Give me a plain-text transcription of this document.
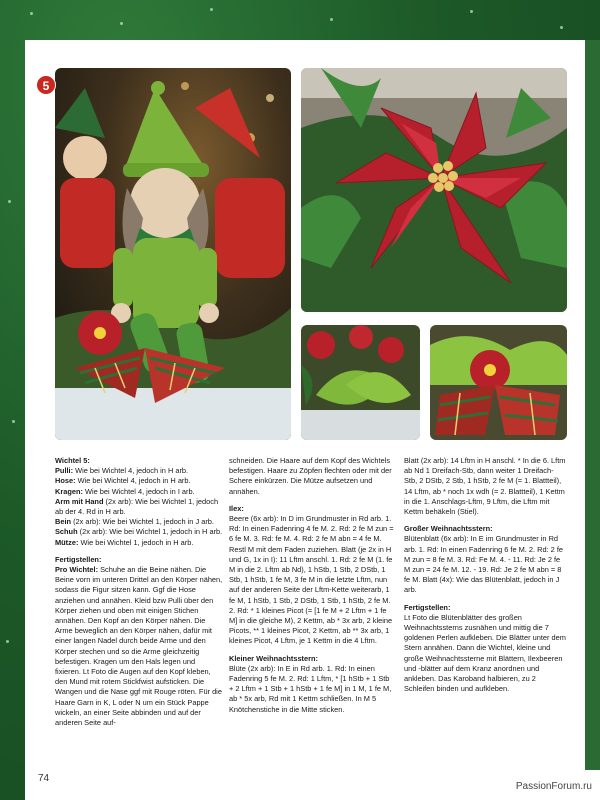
5

Wichtel 5:

Pulli: Wie bei Wichtel 4, jedoch in H arb.

Hose: Wie bei Wichtel 4, jedoch in H arb.

Kragen: Wie bei Wichtel 4, jedoch in I arb.

Arm mit Hand (2x arb): Wie bei Wichtel 1, jedoch ab der 4. Rd in H arb.

Bein (2x arb): Wie bei Wichtel 1, jedoch in J arb.

Schuh (2x arb): Wie bei Wichtel 1, jedoch in H arb.

Mütze: Wie bei Wichtel 1, jedoch in H arb.

Fertigstellen:

Pro Wichtel: Schuhe an die Beine nähen. Die Beine vorn im unteren Drittel an den Körper nähen, sodass die Figur sitzen kann. Ggf die Hose anziehen und annähen. Kleid bzw Pulli über den Körper ziehen und oben mit einigen Stichen annähen. Den Kopf an den Körper nähen. Die Arme beweglich an den Körper nähen, dafür mit einer langen Nadel durch beide Arme und den Körper stechen und so die Arme gleichzeitig befestigen. Kragen um den Hals legen und fixieren. Lt Foto die Augen auf den Kopf kleben, den Mund mit rotem Stickfwist aufsticken. Die Wangen und die Nase ggf mit Rouge röten. Für die Haare Garn in K, L oder N um ein Stück Pappe wickeln, an einer Seite abbinden und auf der anderen Seite auf-

schneiden. Die Haare auf dem Kopf des Wichtels befestigen. Haare zu Zöpfen flechten oder mit der Schere einkürzen. Die Mütze aufsetzen und annähen.

Ilex:

Beere (6x arb): In D im Grundmuster in Rd arb. 1. Rd: In einen Fadenring 4 fe M. 2. Rd: 2 fe M zun = 6 fe M. 3. Rd: fe M. 4. Rd: 2 fe M abn = 4 fe M. Restl M mit dem Faden zuziehen. Blatt (je 2x in H und G, 1x in I): 11 Lftm anschl. 1. Rd: 2 fe M (1. fe M in die 2. Lftm ab Nd), 1 hStb, 1 Stb, 2 DStb, 1 Stb, 1 hStb, 1 fe M, 3 fe M in die letzte Lftm, nun auf der anderen Seite der Lftm-Kette weiterarb, 1 fe M, 1 hStb, 1 Stb, 2 DStb, 1 Stb, 1 hStb, 2 fe M. 2. Rd: * 1 kleines Picot (= [1 fe M + 2 Lftm + 1 fe M] in die gleiche M), 2 Kettm, ab * 3x arb, 2 kleine Picots, ** 1 kleines Picot, 2 Kettm, ab ** 3x arb, 1 kleines Picot, 4 Lftm, je 1 Kettm in die 4 Lftm.

Kleiner Weihnachtsstern:

Blüte (2x arb): In E in Rd arb. 1. Rd: In einen Fadenring 5 fe M. 2. Rd: 1 Lftm, * [1 hStb + 1 Stb + 2 Lftm + 1 Stb + 1 hStb + 1 fe M] in 1 M, 1 fe M, ab * 5x arb, Rd mit 1 Kettm schließen. In M 5 Knötchenstiche in die Mitte sticken.

Blatt (2x arb): 14 Lftm in H anschl. * In die 6. Lftm ab Nd 1 Dreifach-Stb, dann weiter 1 Dreifach-Stb, 2 DStb, 2 Stb, 1 hStb, 2 fe M (= 1. Blattteil), 14 Lftm, ab * noch 1x wdh (= 2. Blattteil), 1 Kettm in die 1. Anschlags-Lftm, 9 Lftm, die Lftm mit Kettm behäkeln (Stiel).

Großer Weihnachtsstern:

Blütenblatt (6x arb): In E im Grundmuster in Rd arb. 1. Rd: In einen Fadenring 6 fe M. 2. Rd: 2 fe M zun = 8 fe M. 3. Rd: Fe M. 4. - 11. Rd: Je 2 fe M zun = 24 fe M. 12. - 19. Rd: Je 2 fe M abn = 8 fe M. Blatt (4x): Wie das Blütenblatt, jedoch in J arb.

Fertigstellen:

Lt Foto die Blütenblätter des großen Weihnachtssterns zusnähen und mittig die 7 goldenen Perlen aufkleben. Die Blätter unter dem Stern annähen. Dann die Wichtel, kleine und große Weihnachtssterne mit Blättern, Ilexbeeren und -blätter auf dem Kranz anordnen und ankleben. Das Karoband halbieren, zu 2 Schleifen binden und aufkleben.

74
PassionForum.ru
